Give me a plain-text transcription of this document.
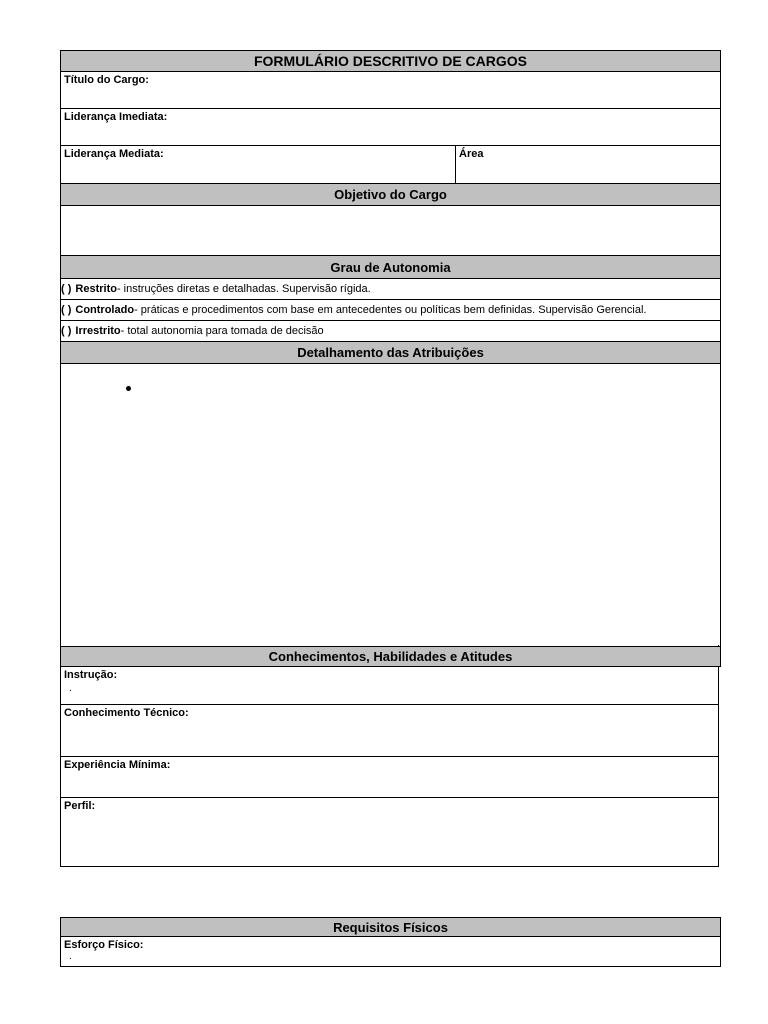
FORMULÁRIO DESCRITIVO DE CARGOS
Título do Cargo:
Liderança Imediata:
Liderança Mediata:	Área
Objetivo do Cargo
Grau de Autonomia
( ) Restrito - instruções diretas e detalhadas. Supervisão rígida.
( ) Controlado - práticas e procedimentos com base em antecedentes ou políticas bem definidas. Supervisão Gerencial.
( ) Irrestrito - total autonomia para tomada de decisão
Detalhamento das Atribuições
Conhecimentos, Habilidades e Atitudes
Instrução:
.
Conhecimento Técnico:
Experiência Mínima:
Perfil:
Requisitos Físicos
Esforço Físico:
.
